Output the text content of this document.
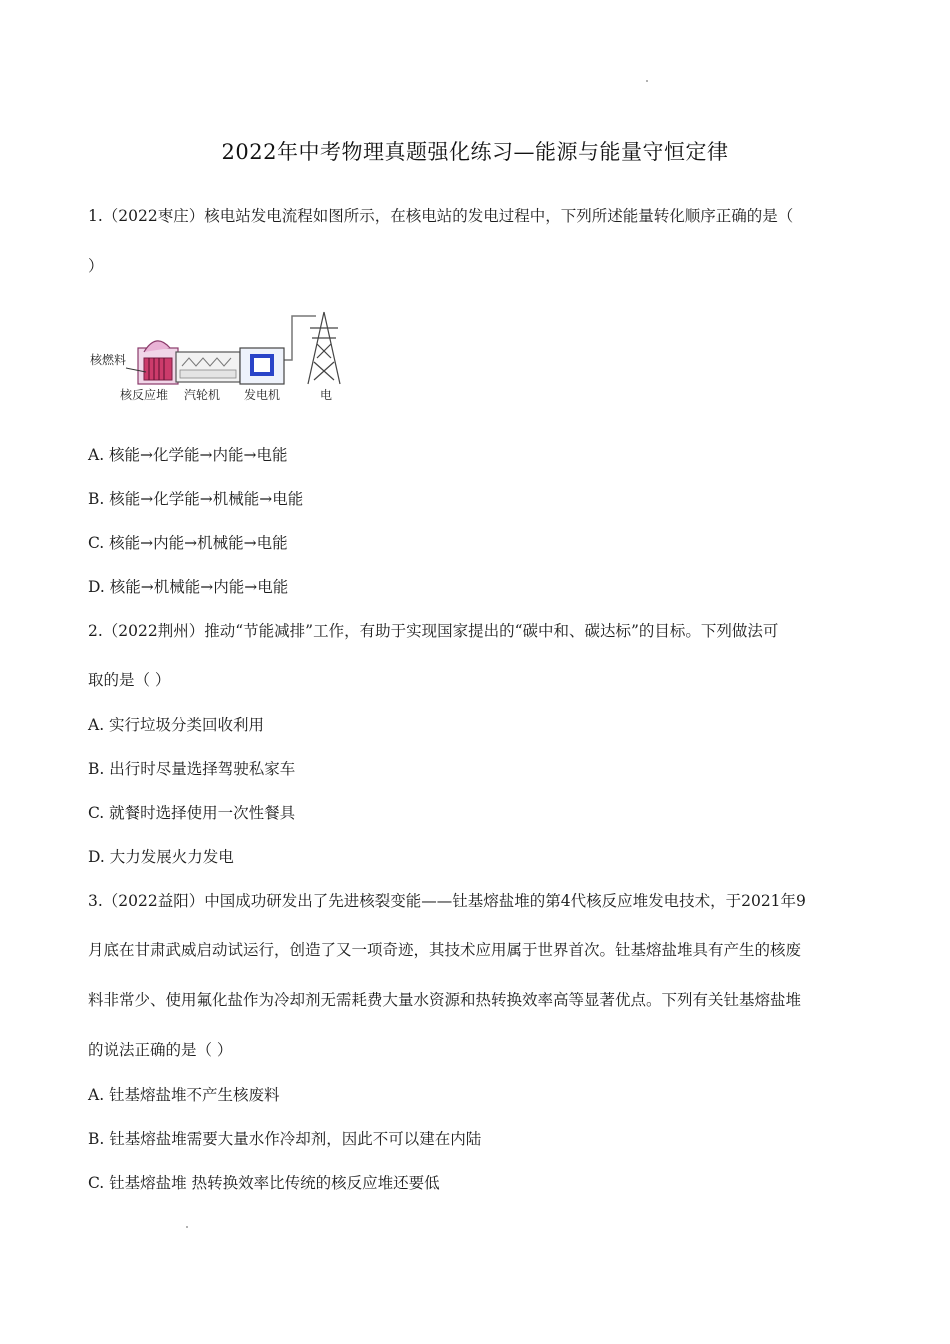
2022年中考物理真题强化练习—能源与能量守恒定律
1.（2022枣庄）核电站发电流程如图所示，在核电站的发电过程中，下列所述能量转化顺序正确的是（
）
核燃料
核反应堆 汽轮机 发电机	电
A. 核能→化学能→内能→电能
B. 核能→化学能→机械能→电能
C. 核能→内能→机械能→电能
D. 核能→机械能→内能→电能
2.（2022荆州）推动“节能减排”工作，有助于实现国家提出的“碳中和、碳达标”的目标。下列做法可
取的是（ ）
A. 实行垃圾分类回收利用
B. 出行时尽量选择驾驶私家车
C. 就餐时选择使用一次性餐具
D. 大力发展火力发电
3.（2022益阳）中国成功研发出了先进核裂变能——钍基熔盐堆的第4代核反应堆发电技术，于2021年9
月底在甘肃武威启动试运行，创造了又一项奇迹，其技术应用属于世界首次。钍基熔盐堆具有产生的核废
料非常少、使用氟化盐作为冷却剂无需耗费大量水资源和热转换效率高等显著优点。下列有关钍基熔盐堆
的说法正确的是（ ）
A. 钍基熔盐堆不产生核废料
B. 钍基熔盐堆需要大量水作冷却剂，因此不可以建在内陆
C. 钍基熔盐堆 热转换效率比传统的核反应堆还要低
